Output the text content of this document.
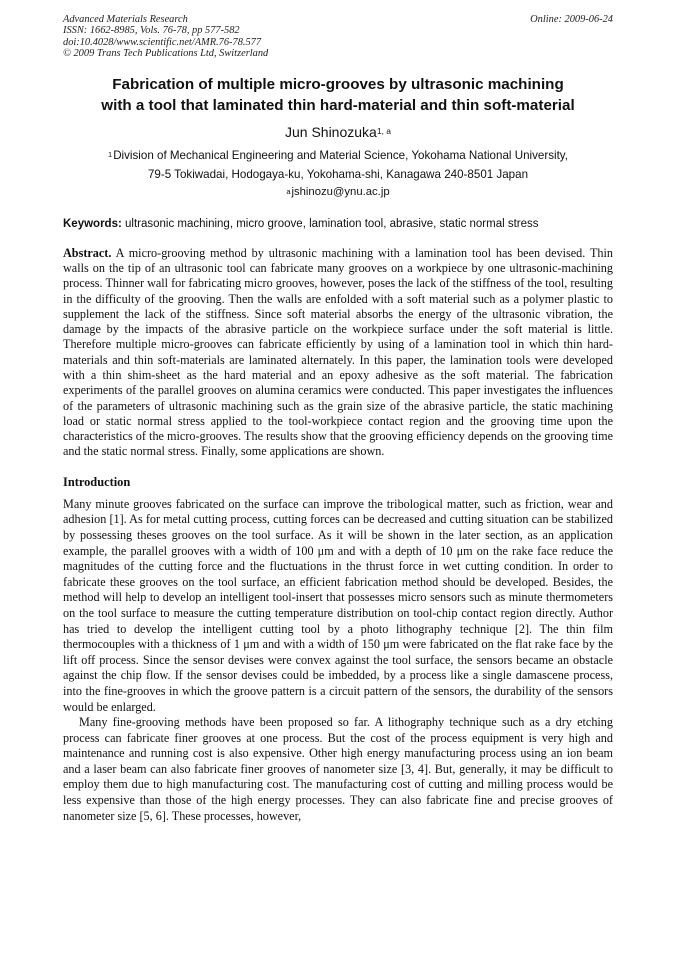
Advanced Materials Research
ISSN: 1662-8985, Vols. 76-78, pp 577-582
doi:10.4028/www.scientific.net/AMR.76-78.577
© 2009 Trans Tech Publications Ltd, Switzerland
Online: 2009-06-24
Fabrication of multiple micro-grooves by ultrasonic machining
with a tool that laminated thin hard-material and thin soft-material
Jun Shinozuka$^{1, a}$
$^1$ Division of Mechanical Engineering and Material Science, Yokohama National University,
79-5 Tokiwadai, Hodogaya-ku, Yokohama-shi, Kanagawa 240-8501 Japan
$^a$ jshinozu@ynu.ac.jp
Keywords: ultrasonic machining, micro groove, lamination tool, abrasive, static normal stress
Abstract. A micro-grooving method by ultrasonic machining with a lamination tool has been devised. Thin walls on the tip of an ultrasonic tool can fabricate many grooves on a workpiece by one ultrasonic-machining process. Thinner wall for fabricating micro grooves, however, poses the lack of the stiffness of the tool, resulting in the difficulty of the grooving. Then the walls are enfolded with a soft material such as a polymer plastic to supplement the lack of the stiffness. Since soft material absorbs the energy of the ultrasonic vibration, the damage by the impacts of the abrasive particle on the workpiece surface under the soft material is little. Therefore multiple micro-grooves can fabricate efficiently by using of a lamination tool in which thin hard-materials and thin soft-materials are laminated alternately. In this paper, the lamination tools were developed with a thin shim-sheet as the hard material and an epoxy adhesive as the soft material. The fabrication experiments of the parallel grooves on alumina ceramics were conducted. This paper investigates the influences of the parameters of ultrasonic machining such as the grain size of the abrasive particle, the static machining load or static normal stress applied to the tool-workpiece contact region and the grooving time upon the characteristics of the micro-grooves. The results show that the grooving efficiency depends on the grooving time and the static normal stress. Finally, some applications are shown.
Introduction
Many minute grooves fabricated on the surface can improve the tribological matter, such as friction, wear and adhesion [1]. As for metal cutting process, cutting forces can be decreased and cutting situation can be stabilized by possessing theses grooves on the tool surface. As it will be shown in the later section, as an application example, the parallel grooves with a width of 100 μm and with a depth of 10 μm on the rake face reduce the magnitudes of the cutting force and the fluctuations in the thrust force in wet cutting condition. In order to fabricate these grooves on the tool surface, an efficient fabrication method should be developed. Besides, the method will help to develop an intelligent tool-insert that possesses micro sensors such as minute thermometers on the tool surface to measure the cutting temperature distribution on tool-chip contact region directly. Author has tried to develop the intelligent cutting tool by a photo lithography technique [2]. The thin film thermocouples with a thickness of 1 μm and with a width of 150 μm were fabricated on the flat rake face by the lift off process. Since the sensor devises were convex against the tool surface, the sensors became an obstacle against the chip flow. If the sensor devises could be imbedded, by a process like a single damascene process, into the fine-grooves in which the groove pattern is a circuit pattern of the sensors, the durability of the sensors would be enlarged.
Many fine-grooving methods have been proposed so far. A lithography technique such as a dry etching process can fabricate finer grooves at one process. But the cost of the process equipment is very high and maintenance and running cost is also expensive. Other high energy manufacturing process using an ion beam and a laser beam can also fabricate finer grooves of nanometer size [3, 4]. But, generally, it may be difficult to employ them due to high manufacturing cost. The manufacturing cost of cutting and milling process would be less expensive than those of the high energy processes. They can also fabricate fine and precise grooves of nanometer size [5, 6]. These processes, however,
